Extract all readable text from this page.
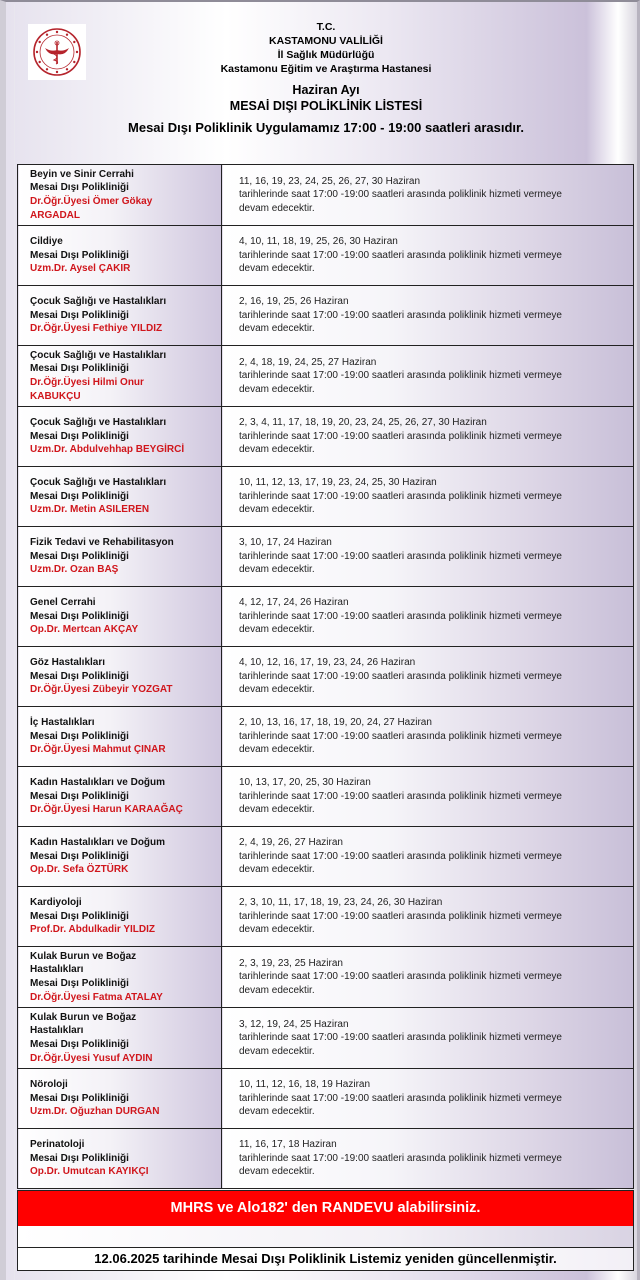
T.C.
KASTAMONU VALİLİĞİ
İl Sağlık Müdürlüğü
Kastamonu Eğitim ve Araştırma Hastanesi
Haziran Ayı
MESAİ DIŞI POLİKLİNİK LİSTESİ
Mesai Dışı Poliklinik Uygulamamız 17:00 - 19:00 saatleri arasıdır.
Beyin ve Sinir Cerrahi
Mesai Dışı Polikliniği
Dr.Öğr.Üyesi Ömer Gökay
ARGADAL

11, 16, 19, 23, 24, 25, 26, 27, 30 Haziran
tarihlerinde saat 17:00 -19:00 saatleri arasında poliklinik hizmeti vermeye
devam edecektir.

Cildiye
Mesai Dışı Polikliniği
Uzm.Dr. Aysel ÇAKIR

4, 10, 11, 18, 19, 25, 26, 30 Haziran
tarihlerinde saat 17:00 -19:00 saatleri arasında poliklinik hizmeti vermeye
devam edecektir.

Çocuk Sağlığı ve Hastalıkları
Mesai Dışı Polikliniği
Dr.Öğr.Üyesi Fethiye YILDIZ

2, 16, 19, 25, 26 Haziran
tarihlerinde saat 17:00 -19:00 saatleri arasında poliklinik hizmeti vermeye
devam edecektir.

Çocuk Sağlığı ve Hastalıkları
Mesai Dışı Polikliniği
Dr.Öğr.Üyesi Hilmi Onur
KABUKÇU

2, 4, 18, 19, 24, 25, 27 Haziran
tarihlerinde saat 17:00 -19:00 saatleri arasında poliklinik hizmeti vermeye
devam edecektir.

Çocuk Sağlığı ve Hastalıkları
Mesai Dışı Polikliniği
Uzm.Dr. Abdulvehhap BEYGİRCİ

2, 3, 4, 11, 17, 18, 19, 20, 23, 24, 25, 26, 27, 30 Haziran
tarihlerinde saat 17:00 -19:00 saatleri arasında poliklinik hizmeti vermeye
devam edecektir.

Çocuk Sağlığı ve Hastalıkları
Mesai Dışı Polikliniği
Uzm.Dr. Metin ASILEREN

10, 11, 12, 13, 17, 19, 23, 24, 25, 30 Haziran
tarihlerinde saat 17:00 -19:00 saatleri arasında poliklinik hizmeti vermeye
devam edecektir.

Fizik Tedavi ve Rehabilitasyon
Mesai Dışı Polikliniği
Uzm.Dr. Ozan BAŞ

3, 10, 17, 24 Haziran
tarihlerinde saat 17:00 -19:00 saatleri arasında poliklinik hizmeti vermeye
devam edecektir.

Genel Cerrahi
Mesai Dışı Polikliniği
Op.Dr. Mertcan AKÇAY

4, 12, 17, 24, 26 Haziran
tarihlerinde saat 17:00 -19:00 saatleri arasında poliklinik hizmeti vermeye
devam edecektir.

Göz Hastalıkları
Mesai Dışı Polikliniği
Dr.Öğr.Üyesi Zübeyir YOZGAT

4, 10, 12, 16, 17, 19, 23, 24, 26 Haziran
tarihlerinde saat 17:00 -19:00 saatleri arasında poliklinik hizmeti vermeye
devam edecektir.

İç Hastalıkları
Mesai Dışı Polikliniği
Dr.Öğr.Üyesi Mahmut ÇINAR

2, 10, 13, 16, 17, 18, 19, 20, 24, 27 Haziran
tarihlerinde saat 17:00 -19:00 saatleri arasında poliklinik hizmeti vermeye
devam edecektir.

Kadın Hastalıkları ve Doğum
Mesai Dışı Polikliniği
Dr.Öğr.Üyesi Harun KARAAĞAÇ

10, 13, 17, 20, 25, 30 Haziran
tarihlerinde saat 17:00 -19:00 saatleri arasında poliklinik hizmeti vermeye
devam edecektir.

Kadın Hastalıkları ve Doğum
Mesai Dışı Polikliniği
Op.Dr. Sefa ÖZTÜRK

2, 4, 19, 26, 27 Haziran
tarihlerinde saat 17:00 -19:00 saatleri arasında poliklinik hizmeti vermeye
devam edecektir.

Kardiyoloji
Mesai Dışı Polikliniği
Prof.Dr. Abdulkadir YILDIZ

2, 3, 10, 11, 17, 18, 19, 23, 24, 26, 30 Haziran
tarihlerinde saat 17:00 -19:00 saatleri arasında poliklinik hizmeti vermeye
devam edecektir.

Kulak Burun ve Boğaz
Hastalıkları
Mesai Dışı Polikliniği
Dr.Öğr.Üyesi Fatma ATALAY

2, 3, 19, 23, 25 Haziran
tarihlerinde saat 17:00 -19:00 saatleri arasında poliklinik hizmeti vermeye
devam edecektir.

Kulak Burun ve Boğaz
Hastalıkları
Mesai Dışı Polikliniği
Dr.Öğr.Üyesi Yusuf AYDIN

3, 12, 19, 24, 25 Haziran
tarihlerinde saat 17:00 -19:00 saatleri arasında poliklinik hizmeti vermeye
devam edecektir.

Nöroloji
Mesai Dışı Polikliniği
Uzm.Dr. Oğuzhan DURGAN

10, 11, 12, 16, 18, 19 Haziran
tarihlerinde saat 17:00 -19:00 saatleri arasında poliklinik hizmeti vermeye
devam edecektir.

Perinatoloji
Mesai Dışı Polikliniği
Op.Dr. Umutcan KAYIKÇI

11, 16, 17, 18 Haziran
tarihlerinde saat 17:00 -19:00 saatleri arasında poliklinik hizmeti vermeye
devam edecektir.
MHRS ve Alo182' den RANDEVU alabilirsiniz.
12.06.2025 tarihinde Mesai Dışı Poliklinik Listemiz yeniden güncellenmiştir.
